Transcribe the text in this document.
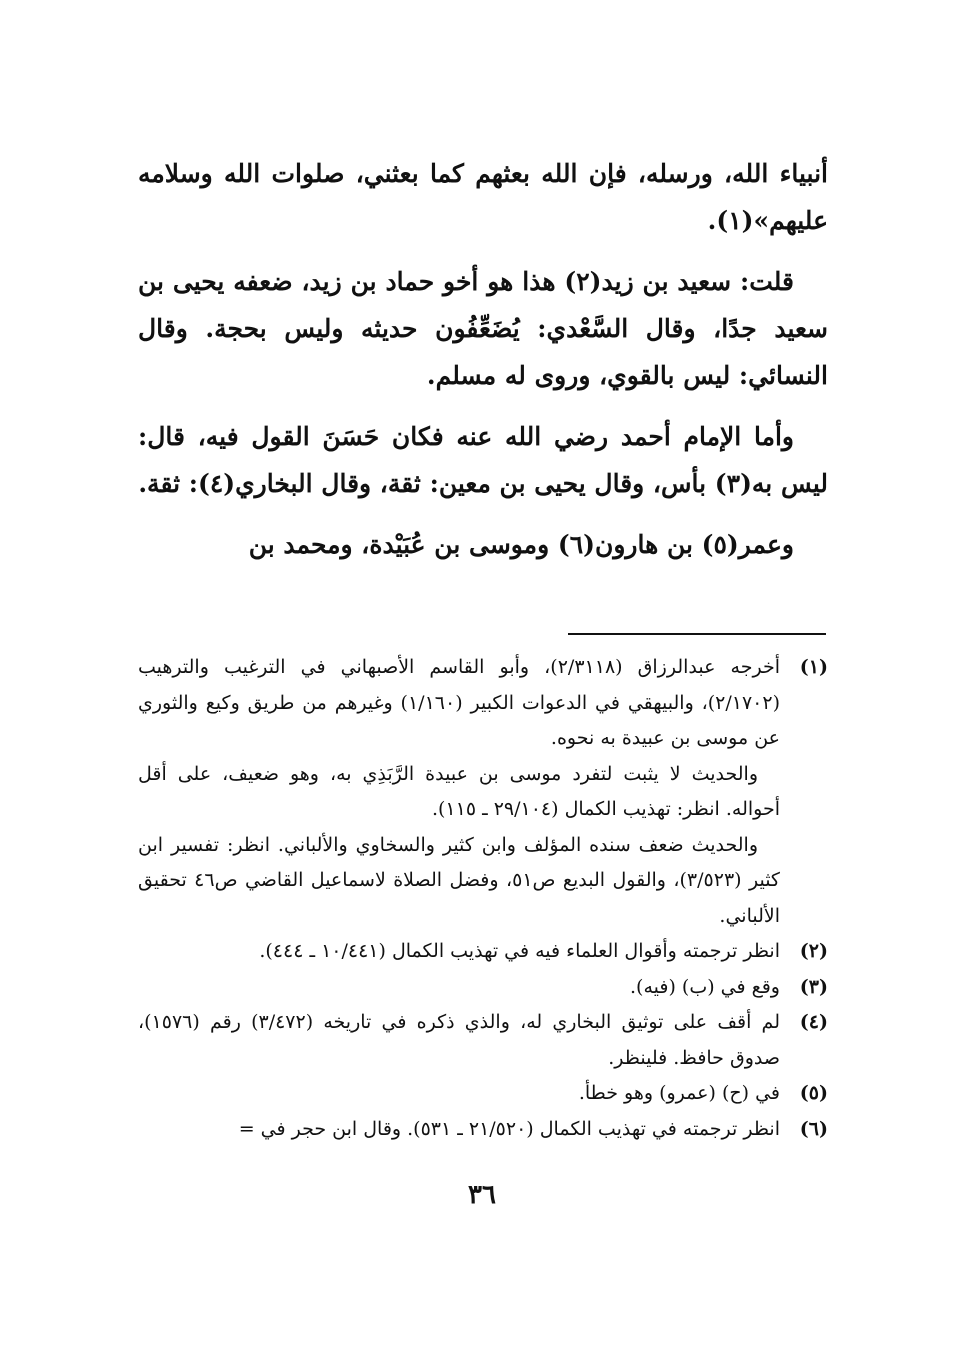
أنبياء الله، ورسله، فإن الله بعثهم كما بعثني، صلوات الله وسلامه عليهم»(١).

قلت: سعيد بن زيد(٢) هذا هو أخو حماد بن زيد، ضعفه يحيى بن سعيد جدًا، وقال السَّعْدي: يُضَعِّفُون حديثه وليس بحجة. وقال النسائي: ليس بالقوي، وروى له مسلم.

وأما الإمام أحمد رضي الله عنه فكان حَسَنَ القول فيه، قال: ليس به(٣) بأس، وقال يحيى بن معين: ثقة، وقال البخاري(٤): ثقة.

وعمر(٥) بن هارون(٦) وموسى بن عُبَيْدة، ومحمد بن

(١)
أخرجه عبدالرزاق (٢/٣١١٨)، وأبو القاسم الأصبهاني في الترغيب والترهيب (٢/١٧٠٢)، والبيهقي في الدعوات الكبير (١/١٦٠) وغيرهم من طريق وكيع والثوري عن موسى بن عبيدة به نحوه.
والحديث لا يثبت لتفرد موسى بن عبيدة الرَّبَذِي به، وهو ضعيف، على أقل أحواله. انظر: تهذيب الكمال (٢٩/١٠٤ ـ ١١٥).
والحديث ضعف سنده المؤلف وابن كثير والسخاوي والألباني. انظر: تفسير ابن كثير (٣/٥٢٣)، والقول البديع ص٥١، وفضل الصلاة لاسماعيل القاضي ص٤٦ تحقيق الألباني.
(٢)
انظر ترجمته وأقوال العلماء فيه في تهذيب الكمال (١٠/٤٤١ ـ ٤٤٤).
(٣)
وقع في (ب) (فيه).
(٤)
لم أقف على توثيق البخاري له، والذي ذكره في تاريخه (٣/٤٧٢) رقم (١٥٧٦)، صدوق حافظ. فلينظر.
(٥)
في (ح) (عمرو) وهو خطأ.
(٦)
انظر ترجمته في تهذيب الكمال (٢١/٥٢٠ ـ ٥٣١). وقال ابن حجر في =
٣٦
